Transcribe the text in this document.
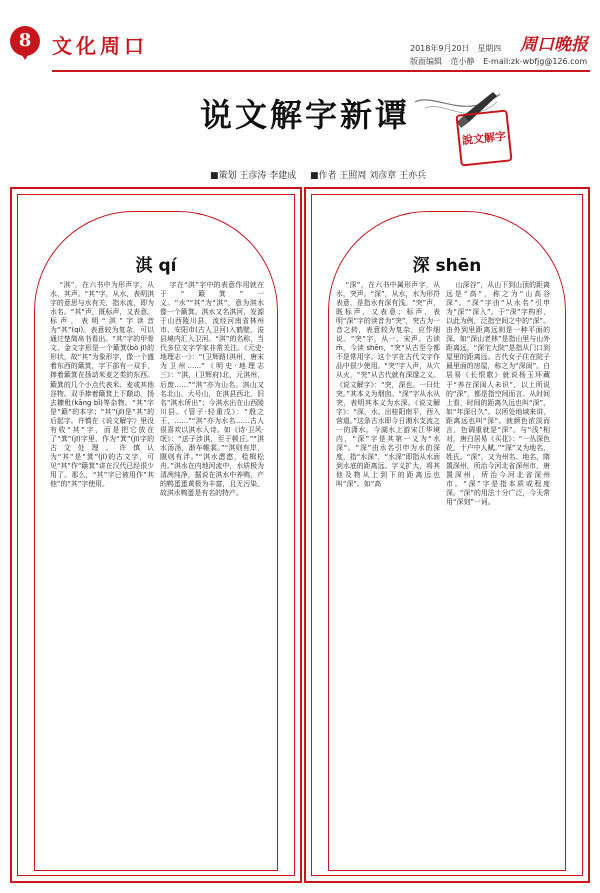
8	文化周口	2018年9月20日 星期四 周口晚报
版面编辑 范小静 E-mail:zk-wbfjg@126.com
说文解字新谭
說文解字
■策划 王彦涛 李建成 ■作者 王照周 刘彦章 王亦兵
淇 qí
“淇”，在六书中为形声字，从水，其声。“其”字，从水，表明淇字的意思与水有关，指水流，即为水名。“其”声，既标声，又表意。标声，表明“淇”字读音为“其”(qí)。表意较为复杂，可以通过楚简帛书看出。“其”字的甲骨文、金文字形是一个簸箕(bò jī)的形状，故“其”为象形字，像一个盛着东西的簸箕，字下部有一双手，捧着簸箕在扬动米麦之类的东西。簸箕的几个小点代表米、麦或其他谷物。双手捧着簸箕上下颠动，扬去糠秕(kāng bǐ)等杂物。“其”字是“簸”的本字；“其”(jī)是“其”的后起字。许慎在《说文解字》里没有收“其”字，而是把它放在了“箕”(jī)字里，作为“箕”(jī)字的古文处理。许慎认为“其”是“箕”(jī)的古文字，可见“其”作“簸箕”讲在汉代已经很少用了。那么，“其”字已被用作“其他”的“其”字使用。
字在“淇”字中的表意作用就在于“簸箕”一义。“水”“其”为“淇”，意为淇水像一个簸箕。淇水又名淇河，发源于山西陵川县，流经河南省林州市、安阳市(古人卫河)入鹤壁，浚县境内汇入卫河。“淇”的名称，当代多位文字学家非常关注。《元史·地理志一》：“(卫辉路)淇州，唐宋为卫州……”《明史·地理志三》：“淇，(卫辉府)北，元淇州，后废……”“淇”亦为山名。淇山又名北山、大号山，在淇县西北，旧名“淇水所出”；今淇水出在山西陵川县。《管子·轻重戊》：“殷之王，……”“淇”亦为水名……古人很喜欢以淇水入诗。如《诗·卫风·氓》：“送子涉淇，至于顿丘。”“淇水汤汤，渐车帷裳。”“淇则有岸，隰则有泮。”“淇水滺滺，桧楫松舟。”淇水在内地河流中，水质极为清冽纯净，据说在淇水中养鸭，产的鸭蛋蛋黄极为丰富，且无污染。故淇水鸭蛋是有名的特产。
深 shēn
“深”，在六书中属形声字，从水，突声。“深”，从水，水为形符表意，是指水有深有浅。“突”声，既标声，又表意；标声，表明“深”字的读音为“突”，突古为一音之转，表意较为复杂，应作细说。“突”字，从一、宋声。古读 m̄，今读 shēn，“突”从古至今都不是常用字。这个字在古代文字作品中很少使用。“突”字入声，从穴从火，“突”从古代就有深邃之义。《说文解字》：“突，深也。一曰灶突。”其本义为烟囱。“深”字从水从突，表明其本义为水深。《说文解字》：“深，水。出桂阳南平，西入营道。”这条古水即今日湘水支流之一的潇水。今湖水上游宋江华境内，“深”字是其第一义为“水深”。“深”由水名引申为水的深度，指“水深”，“水深”即指从水面到水底的距离远。字义扩大，将其他及物从上到下的距离远也叫“深”。如“高
山深谷”，从山下到山顶的距离远是“高”，称之为“山高谷深”。“深”字由“从水名”引申为“深”“深入”。于“深”字构形，以此为例，泛指空间之中的“深”。由外到里距离远则是一种平面的深。如“深山老林”是指山里与山外距离远，“深宅大院”是指从门口到屋里的距离远。古代女子住在院子最里面的房屋，称之为“深闺”。白居易《长恨歌》就说杨玉环藏于“养在深闺人未识”，以上所说的“深”，都是指空间而言。从时间上看，时间的距离久远也叫“深”，如“年深日久”。以所处地域来讲，距离远也叫“深”。就颜色浓淡而言，色调重就是“深”。与“浅”相对，唐白居易《买花》：“一丛深色花，十户中人赋。”“深”又为地名、姓氏。“深”，又为州名、地名，隋置深州，所治今河北省深州市，唐置深州，所治今河北省深州市。“深”字是指本质或程度深。“深”的用法十分广泛，今天常用“深刻”一词。
